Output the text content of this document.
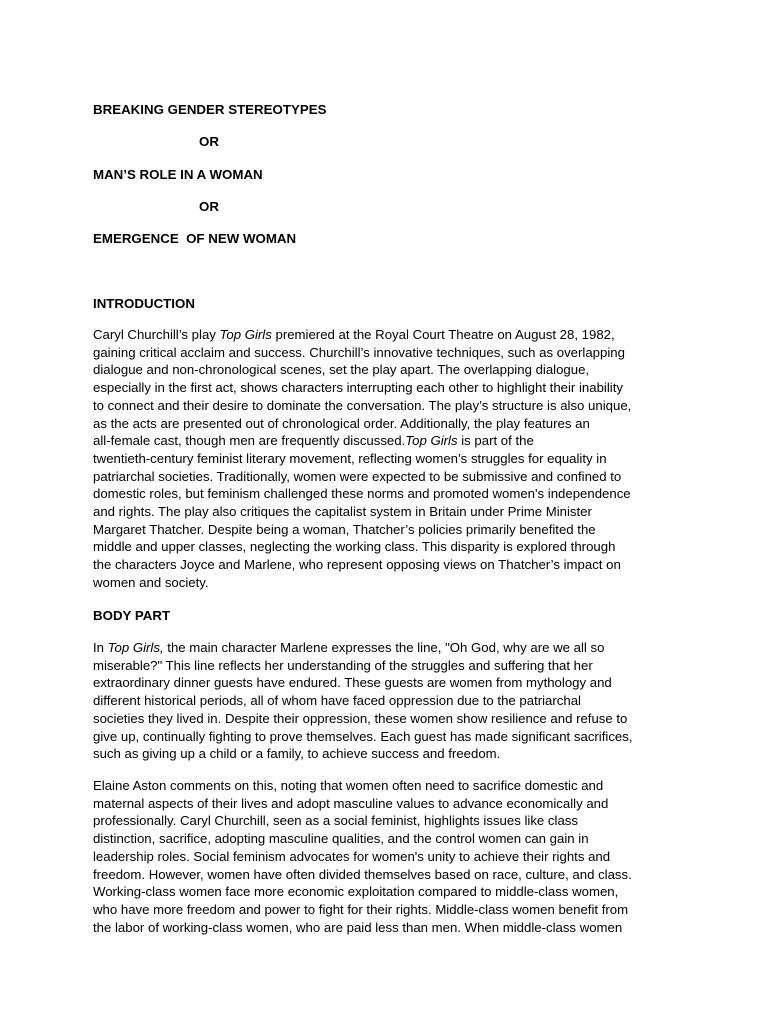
BREAKING GENDER STEREOTYPES

OR

MAN’S ROLE IN A WOMAN

OR

EMERGENCE  OF NEW WOMAN

INTRODUCTION

Caryl Churchill’s play Top Girls premiered at the Royal Court Theatre on August 28, 1982,
gaining critical acclaim and success. Churchill’s innovative techniques, such as overlapping
dialogue and non-chronological scenes, set the play apart. The overlapping dialogue,
especially in the first act, shows characters interrupting each other to highlight their inability
to connect and their desire to dominate the conversation. The play’s structure is also unique,
as the acts are presented out of chronological order. Additionally, the play features an
all-female cast, though men are frequently discussed.Top Girls is part of the
twentieth-century feminist literary movement, reflecting women’s struggles for equality in
patriarchal societies. Traditionally, women were expected to be submissive and confined to
domestic roles, but feminism challenged these norms and promoted women's independence
and rights. The play also critiques the capitalist system in Britain under Prime Minister
Margaret Thatcher. Despite being a woman, Thatcher’s policies primarily benefited the
middle and upper classes, neglecting the working class. This disparity is explored through
the characters Joyce and Marlene, who represent opposing views on Thatcher’s impact on
women and society.

BODY PART

In Top Girls, the main character Marlene expresses the line, "Oh God, why are we all so
miserable?" This line reflects her understanding of the struggles and suffering that her
extraordinary dinner guests have endured. These guests are women from mythology and
different historical periods, all of whom have faced oppression due to the patriarchal
societies they lived in. Despite their oppression, these women show resilience and refuse to
give up, continually fighting to prove themselves. Each guest has made significant sacrifices,
such as giving up a child or a family, to achieve success and freedom.
Elaine Aston comments on this, noting that women often need to sacrifice domestic and
maternal aspects of their lives and adopt masculine values to advance economically and
professionally. Caryl Churchill, seen as a social feminist, highlights issues like class
distinction, sacrifice, adopting masculine qualities, and the control women can gain in
leadership roles. Social feminism advocates for women's unity to achieve their rights and
freedom. However, women have often divided themselves based on race, culture, and class.
Working-class women face more economic exploitation compared to middle-class women,
who have more freedom and power to fight for their rights. Middle-class women benefit from
the labor of working-class women, who are paid less than men. When middle-class women
